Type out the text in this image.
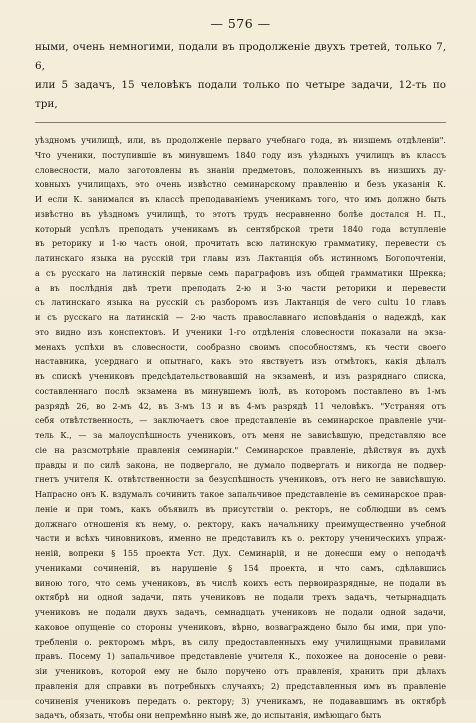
— 576 —
ными, очень немногими, подали въ продолженіе двухъ третей, только 7, 6,
или 5 задачъ, 15 человѣкъ подали только по четыре задачи, 12-ть по три,
уѣздномъ училищѣ, или, въ продолженіе перваго учебнаго года, въ низшемъ отдѣленіи".
Что ученики, поступившіе въ минувшемъ 1840 году изъ уѣздныхъ училищъ въ классъ
словесности, мало заготовлены въ знаніи предметовъ, положенныхъ въ низшихъ ду-
ховныхъ училищахъ, это очень извѣстно семинарскому правленію и безъ указанія К.
И если К. занимался въ классѣ преподаваніемъ ученикамъ того, что имъ должно быть
извѣстно въ уѣздномъ училищѣ, то этотъ трудъ несравненно болѣе достался Н. П.,
который успѣлъ преподать ученикамъ въ сентябрской трети 1840 года вступленіе
въ реторику и 1-ю часть оной, прочитать всю латинскую грамматику, перевести съ
латинскаго языка на русскій три главы изъ Лактанція объ истинномъ Богопочтеніи,
а съ русскаго на латинскій первые семь параграфовъ изъ общей грамматики Шрекка;
а въ послѣднія двѣ трети преподать 2-ю и 3-ю части реторики и перевести
съ латинскаго языка на русскій съ разборомъ изъ Лактанція de vero cultu 10 главъ
и съ русскаго на латинскій — 2-ю часть православнаго исповѣданія о надеждѣ, как
это видно изъ конспектовъ. И ученики 1-го отдѣленія словесности показали на экза-
менахъ успѣхи въ словесности, сообразно своимъ способностямъ, къ чести своего
наставника, усерднаго и опытнаго, какъ это явствуетъ изъ отмѣтокъ, какія дѣлалъ
въ спискѣ учениковъ предсѣдательствовавшій на экзаменѣ, и изъ разряднаго списка,
составленнаго послѣ экзамена въ минувшемъ іюлѣ, въ которомъ поставлено въ 1-мъ
разрядѣ 26, во 2-мъ 42, въ 3-мъ 13 и въ 4-мъ разрядѣ 11 человѣкъ. "Устраняя отъ
себя отвѣтственность, — заключаетъ свое представленіе въ семинарское правленіе учи-
тель К., — за малоуспѣшность учениковъ, отъ меня не зависѣвшую, представляю все
сіе на разсмотрѣніе правленія семинаріи." Семинарское правленіе, дѣйствуя въ духѣ
правды и по силѣ закона, не подвергало, не думало подвергать и никогда не подвер-
гнетъ учителя К. отвѣтственности за безуспѣшность учениковъ, отъ него не зависѣвшую.
Напрасно онъ К. вздумалъ сочинить такое запальчивое представленіе въ семинарское прав-
леніе и при томъ, какъ объявилъ въ присутствіи о. ректоръ, не соблюдши въ семъ
должнаго отношенія къ нему, о. ректору, какъ начальнику преимущественно учебной
части и всѣхъ чиновниковъ, именно не представилъ къ о. ректору ученическихъ упраж-
неній, вопреки § 155 проекта Уст. Дух. Семинарій, и не донесши ему о неподачѣ
учениками сочиненій, въ нарушеніе § 154 проекта, и что самъ, сдѣлавшись
виною того, что семь учениковъ, въ числѣ коихъ есть первоиразрядные, не подали въ
октябрѣ ни одной задачи, пять учениковъ не подали трехъ задачъ, четырнадцать
учениковъ не подали двухъ задачъ, семнадцать учениковъ не подали одной задачи,
каковое опущеніе со стороны учениковъ, вѣрно, возваграждено было бы ими, при упо-
требленіи о. ректоромъ мѣръ, въ силу предоставленныхъ ему училищными правилами
правъ. Посему 1) запальчивое представленіе учителя К., похожее на доносеніе о реви-
зіи учениковъ, которой ему не было поручено отъ правленія, хранить при дѣлахъ
правленія для справки въ потребныхъ случаяхъ; 2) представленныя имъ въ правленіе
сочиненія учениковъ передать о. ректору; 3) ученикамъ, не подававшимъ въ октябрѣ
задачъ, обязать, чтобы они непремѣнно нынѣ же, до испытанія, имѣющаго быть
